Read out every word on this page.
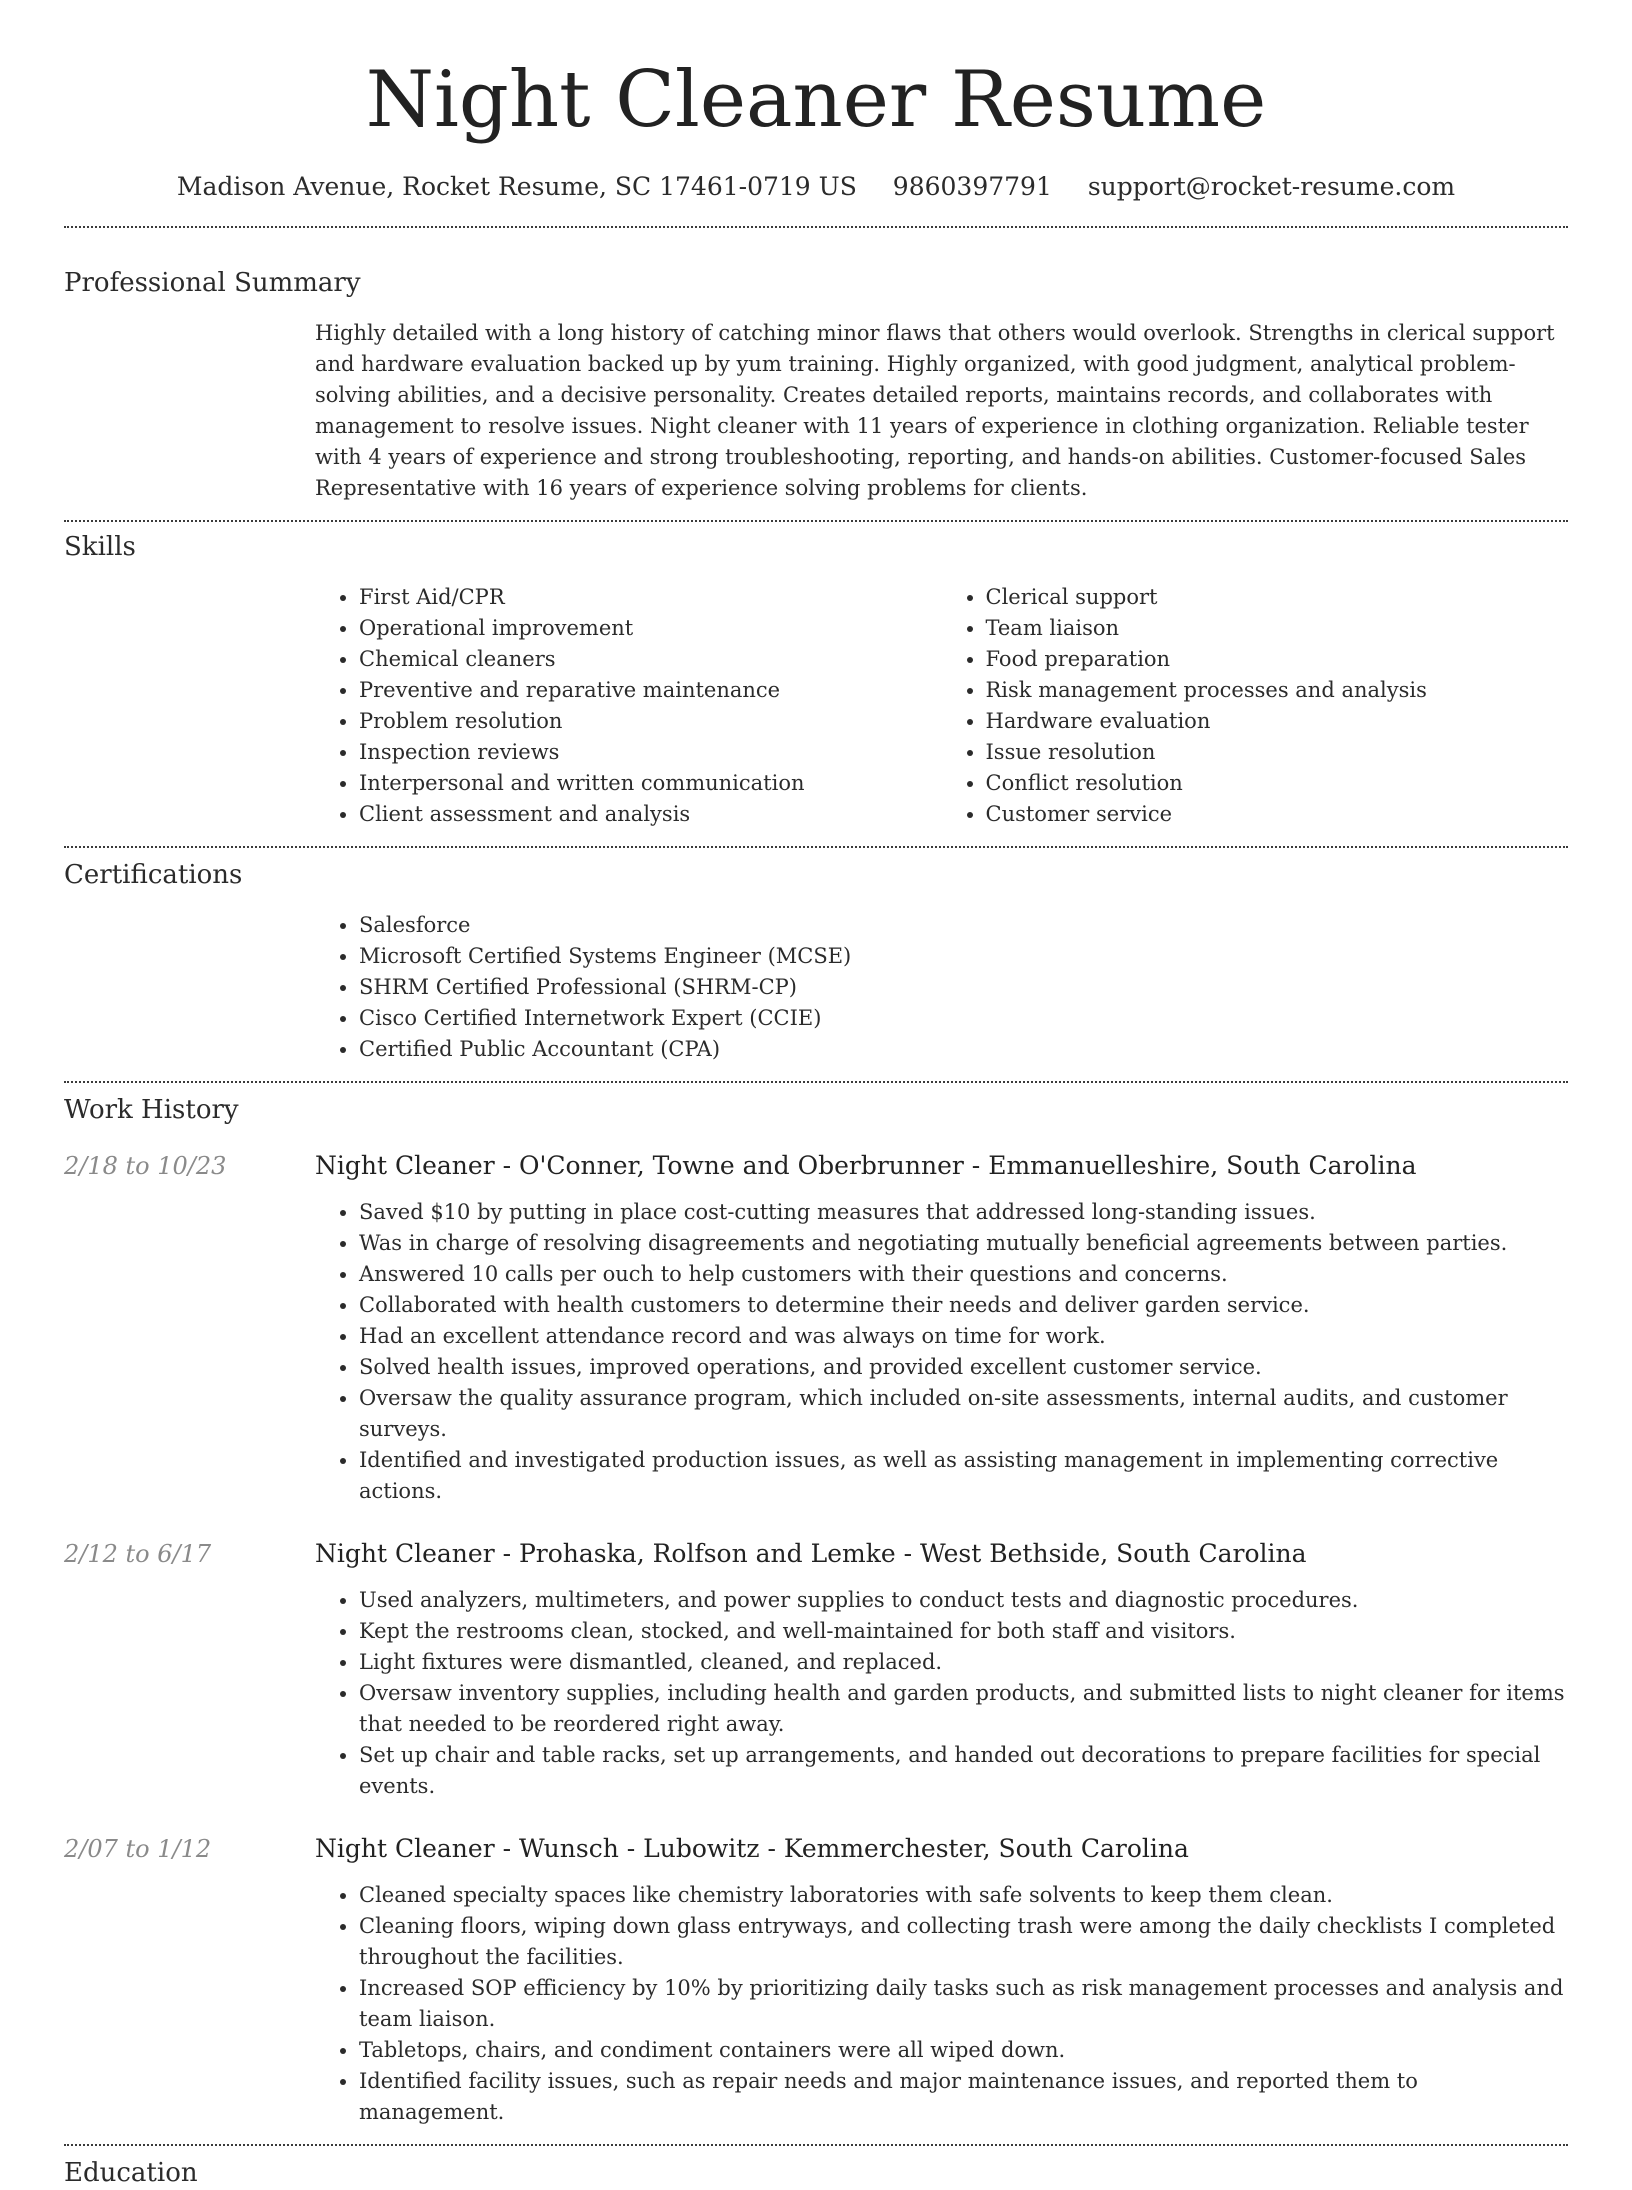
Night Cleaner Resume
Madison Avenue, Rocket Resume, SC 17461-0719 US 9860397791 support@rocket-resume.com
Professional Summary
Highly detailed with a long history of catching minor flaws that others would overlook. Strengths in clerical support and hardware evaluation backed up by yum training. Highly organized, with good judgment, analytical problem-solving abilities, and a decisive personality. Creates detailed reports, maintains records, and collaborates with management to resolve issues. Night cleaner with 11 years of experience in clothing organization. Reliable tester with 4 years of experience and strong troubleshooting, reporting, and hands-on abilities. Customer-focused Sales Representative with 16 years of experience solving problems for clients.
Skills
• First Aid/CPR
• Operational improvement
• Chemical cleaners
• Preventive and reparative maintenance
• Problem resolution
• Inspection reviews
• Interpersonal and written communication
• Client assessment and analysis
• Clerical support
• Team liaison
• Food preparation
• Risk management processes and analysis
• Hardware evaluation
• Issue resolution
• Conflict resolution
• Customer service
Certifications
• Salesforce
• Microsoft Certified Systems Engineer (MCSE)
• SHRM Certified Professional (SHRM-CP)
• Cisco Certified Internetwork Expert (CCIE)
• Certified Public Accountant (CPA)
Work History
2/18 to 10/23	Night Cleaner - O'Conner, Towne and Oberbrunner - Emmanuelleshire, South Carolina
• Saved $10 by putting in place cost-cutting measures that addressed long-standing issues.
• Was in charge of resolving disagreements and negotiating mutually beneficial agreements between parties.
• Answered 10 calls per ouch to help customers with their questions and concerns.
• Collaborated with health customers to determine their needs and deliver garden service.
• Had an excellent attendance record and was always on time for work.
• Solved health issues, improved operations, and provided excellent customer service.
• Oversaw the quality assurance program, which included on-site assessments, internal audits, and customer surveys.
• Identified and investigated production issues, as well as assisting management in implementing corrective actions.
2/12 to 6/17	Night Cleaner - Prohaska, Rolfson and Lemke - West Bethside, South Carolina
• Used analyzers, multimeters, and power supplies to conduct tests and diagnostic procedures.
• Kept the restrooms clean, stocked, and well-maintained for both staff and visitors.
• Light fixtures were dismantled, cleaned, and replaced.
• Oversaw inventory supplies, including health and garden products, and submitted lists to night cleaner for items that needed to be reordered right away.
• Set up chair and table racks, set up arrangements, and handed out decorations to prepare facilities for special events.
2/07 to 1/12	Night Cleaner - Wunsch - Lubowitz - Kemmerchester, South Carolina
• Cleaned specialty spaces like chemistry laboratories with safe solvents to keep them clean.
• Cleaning floors, wiping down glass entryways, and collecting trash were among the daily checklists I completed throughout the facilities.
• Increased SOP efficiency by 10% by prioritizing daily tasks such as risk management processes and analysis and team liaison.
• Tabletops, chairs, and condiment containers were all wiped down.
• Identified facility issues, such as repair needs and major maintenance issues, and reported them to management.
Education
